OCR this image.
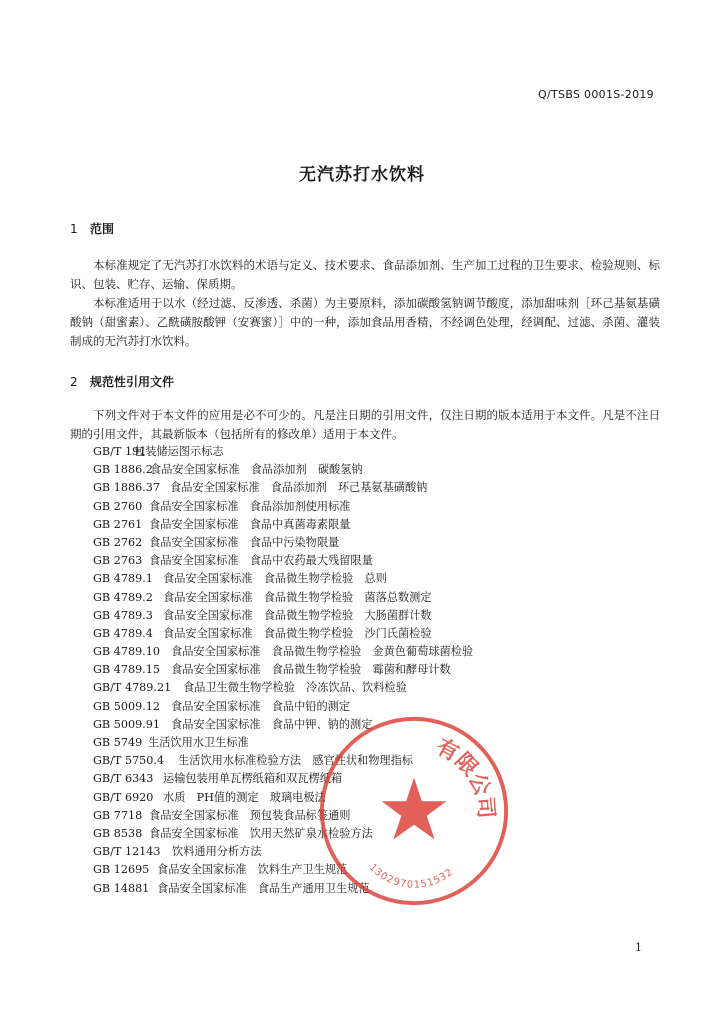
Q/TSBS 0001S-2019
无汽苏打水饮料
1 范围

本标准规定了无汽苏打水饮料的术语与定义、技术要求、食品添加剂、生产加工过程的卫生要求、检验规则、标识、包装、贮存、运输、保质期。

本标准适用于以水（经过滤、反渗透、杀菌）为主要原料，添加碳酸氢钠调节酸度，添加甜味剂［环己基氨基磺酸钠（甜蜜素）、乙酰磺胺酸钾（安赛蜜）］中的一种，添加食品用香精，不经调色处理，经调配、过滤、杀菌、灌装制成的无汽苏打水饮料。

2 规范性引用文件

下列文件对于本文件的应用是必不可少的。凡是注日期的引用文件，仅注日期的版本适用于本文件。凡是不注日期的引用文件，其最新版本（包括所有的修改单）适用于本文件。

GB/T 191包装储运图示标志
GB 1886.2食品安全国家标准　食品添加剂　碳酸氢钠
GB 1886.37 食品安全国家标准　食品添加剂　环己基氨基磺酸钠
GB 2760 食品安全国家标准　食品添加剂使用标准
GB 2761 食品安全国家标准　食品中真菌毒素限量
GB 2762 食品安全国家标准　食品中污染物限量
GB 2763 食品安全国家标准　食品中农药最大残留限量
GB 4789.1 食品安全国家标准　食品微生物学检验　总则
GB 4789.2 食品安全国家标准　食品微生物学检验　菌落总数测定
GB 4789.3 食品安全国家标准　食品微生物学检验　大肠菌群计数
GB 4789.4 食品安全国家标准　食品微生物学检验　沙门氏菌检验
GB 4789.10 食品安全国家标准　食品微生物学检验　金黄色葡萄球菌检验
GB 4789.15 食品安全国家标准　食品微生物学检验　霉菌和酵母计数
GB/T 4789.21 食品卫生微生物学检验　冷冻饮品、饮料检验
GB 5009.12 食品安全国家标准　食品中铅的测定
GB 5009.91 食品安全国家标准　食品中钾、钠的测定
GB 5749 生活饮用水卫生标准
GB/T 5750.4 生活饮用水标准检验方法　感官性状和物理指标
GB/T 6343 运输包装用单瓦楞纸箱和双瓦楞纸箱
GB/T 6920 水质　PH值的测定　玻璃电极法
GB 7718 食品安全国家标准　预包装食品标签通则
GB 8538 食品安全国家标准　饮用天然矿泉水检验方法
GB/T 12143 饮料通用分析方法
GB 12695 食品安全国家标准　饮料生产卫生规范
GB 14881 食品安全国家标准　食品生产通用卫生规范
有限公司
1302970151532
1
